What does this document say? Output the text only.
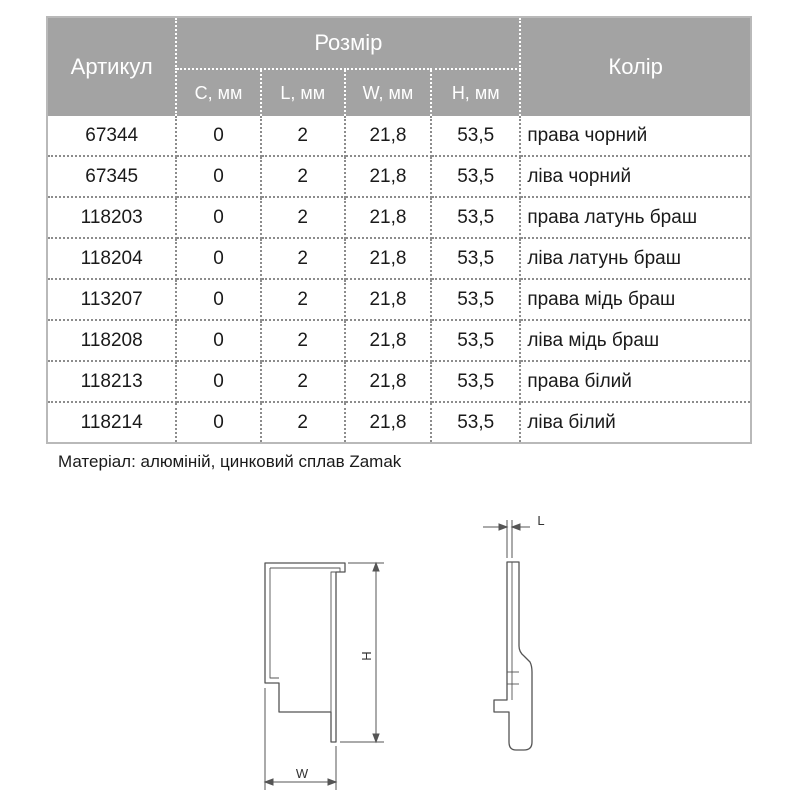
Артикул	Розмір				Колір
	C, мм	L, мм	W, мм	H, мм	
67344	0	2	21,8	53,5	права чорний
67345	0	2	21,8	53,5	ліва чорний
118203	0	2	21,8	53,5	права латунь браш
118204	0	2	21,8	53,5	ліва латунь браш
113207	0	2	21,8	53,5	права мідь браш
118208	0	2	21,8	53,5	ліва мідь браш
118213	0	2	21,8	53,5	права білий
118214	0	2	21,8	53,5	ліва білий
Матеріал: алюміній, цинковий сплав Zamak
W
H
L
